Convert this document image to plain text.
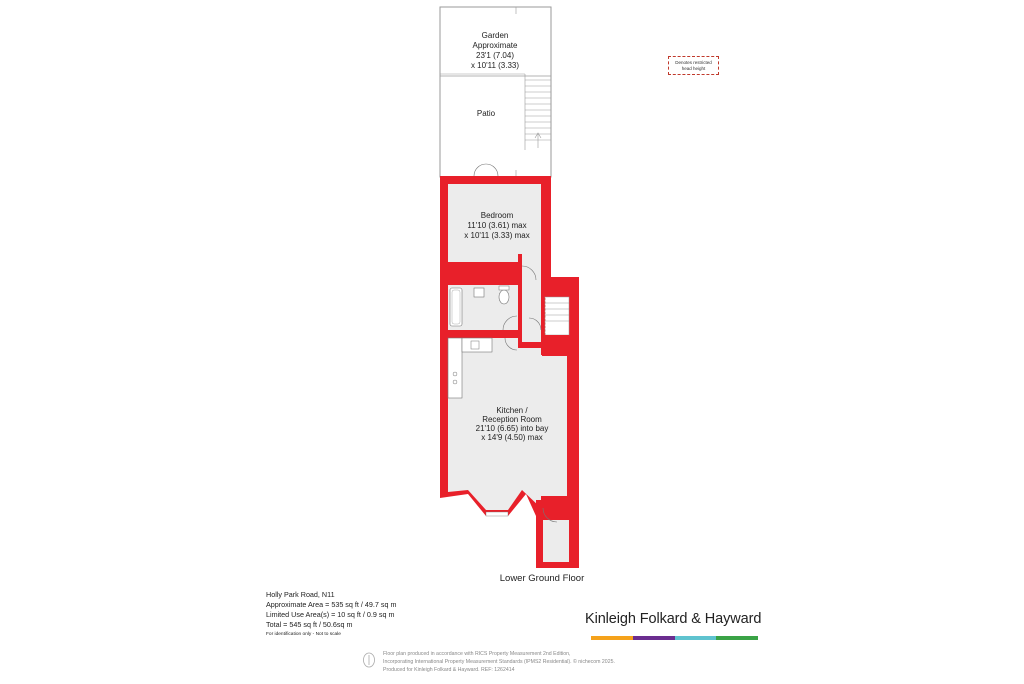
Garden
Approximate
23'1 (7.04)
x 10'11 (3.33)
Patio
Bedroom
11'10 (3.61) max
x 10'11 (3.33) max
Kitchen /
Reception Room
21'10 (6.65) into bay
x 14'9 (4.50) max
Lower Ground Floor
Denotes restricted
head height
Holly Park Road, N11
Approximate Area = 535 sq ft / 49.7 sq m
Limited Use Area(s) = 10 sq ft / 0.9 sq m
Total = 545 sq ft / 50.6sq m
For identification only - Not to scale
Kinleigh Folkard & Hayward
Floor plan produced in accordance with RICS Property Measurement 2nd Edition,
Incorporating International Property Measurement Standards (IPMS2 Residential). © nichecom 2025.
Produced for Kinleigh Folkard & Hayward. REF: 1262414
